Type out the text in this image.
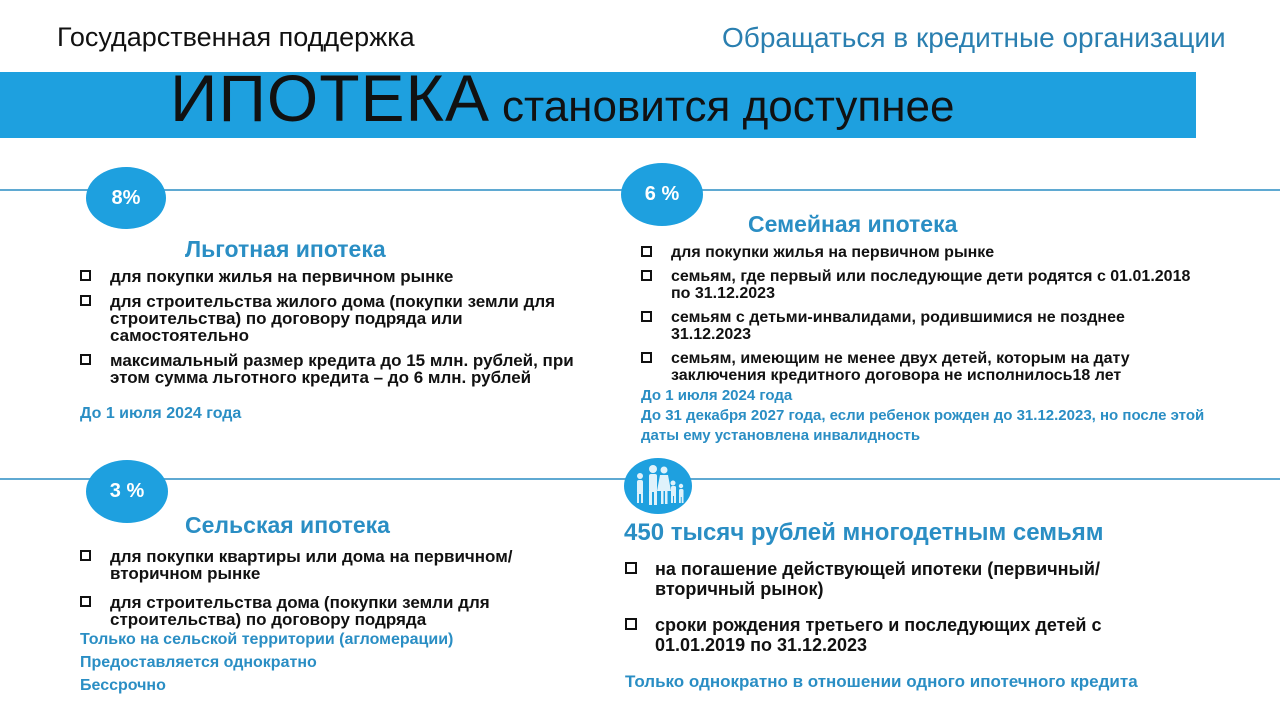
Государственная поддержка	Обращаться в кредитные организации
ИПОТЕКА становится доступнее
8%
Льготная ипотека
для покупки жилья на первичном рынке
для строительства жилого дома (покупки земли для строительства) по договору подряда или самостоятельно
максимальный размер кредита до 15 млн. рублей, при этом сумма льготного кредита – до 6 млн. рублей
До 1 июля 2024 года
6 %
Семейная ипотека
для покупки жилья на первичном рынке
семьям, где первый или последующие дети родятся с 01.01.2018 по 31.12.2023
семьям с детьми-инвалидами, родившимися не позднее 31.12.2023
семьям, имеющим не менее двух детей, которым на дату заключения кредитного договора не исполнилось18 лет
До 1 июля 2024 года
До 31 декабря 2027 года, если ребенок рожден до 31.12.2023, но после этой даты ему установлена инвалидность
3 %
Сельская ипотека
для покупки квартиры или дома на первичном/вторичном рынке
для строительства дома (покупки земли для строительства) по договору подряда
Только на сельской территории (агломерации)
Предоставляется однократно
Бессрочно
450 тысяч рублей многодетным семьям
на погашение действующей ипотеки (первичный/вторичный рынок)
сроки рождения третьего и последующих детей с 01.01.2019 по 31.12.2023
Только однократно в отношении одного ипотечного кредита
